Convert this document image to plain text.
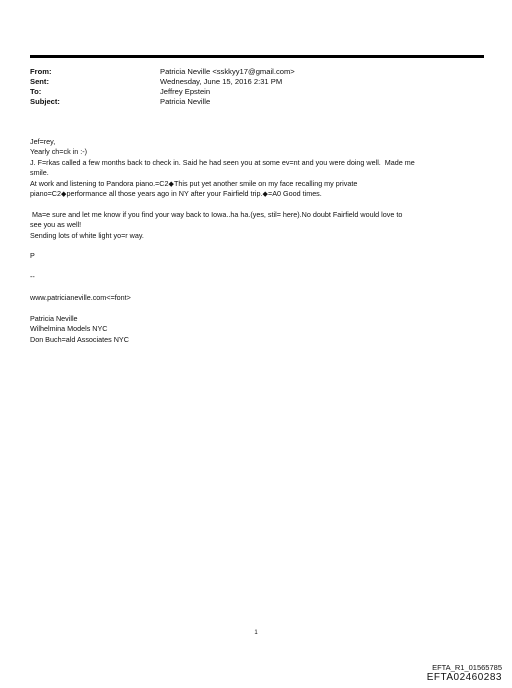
From:	Patricia Neville <sskkyy17@gmail.com>
Sent:	Wednesday, June 15, 2016 2:31 PM
To:	Jeffrey Epstein
Subject:	Patricia Neville
Jef=rey,
Yearly ch=ck in :-)
J. F=rkas called a few months back to check in. Said he had seen you at some ev=nt and you were doing well.  Made me
smile.
At work and listening to Pandora piano.=C2◆This put yet another smile on my face recalling my private
piano=C2◆performance all those years ago in NY after your Fairfield trip.◆=A0 Good times.
Ma=e sure and let me know if you find your way back to Iowa..ha ha.(yes, stil= here).No doubt Fairfield would love to
see you as well!
Sending lots of white light yo=r way.
P
--
www.patricianeville.com<=font>
Patricia Neville
Wilhelmina Models NYC
Don Buch=ald Associates NYC
1
EFTA_R1_01565785
EFTA02460283
